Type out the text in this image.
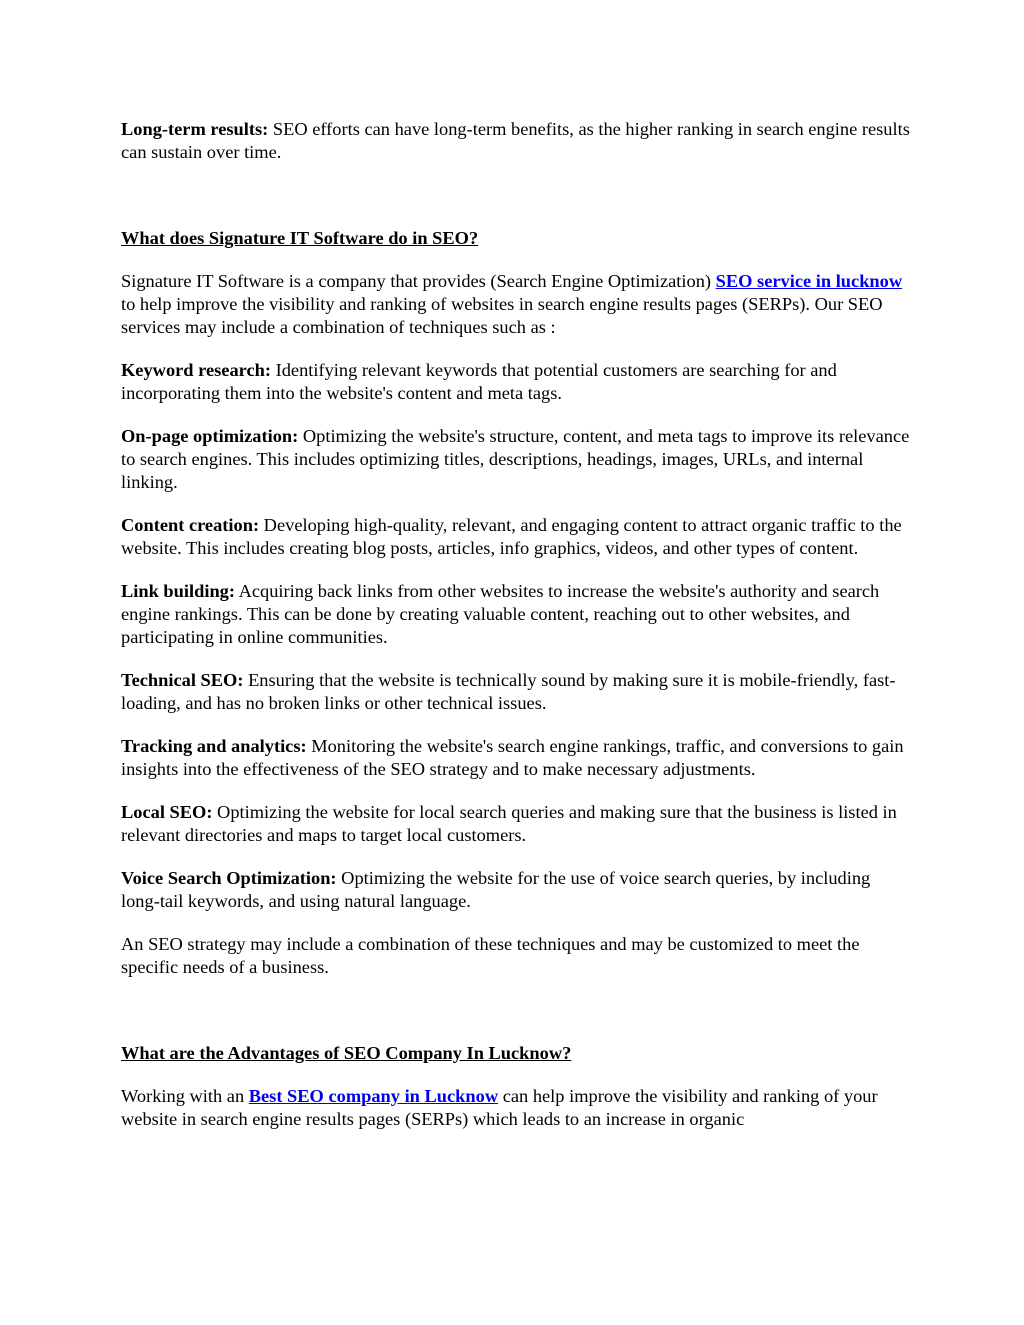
Long-term results: SEO efforts can have long-term benefits, as the higher ranking in search engine results can sustain over time.

What does Signature IT Software do in SEO?

Signature IT Software is a company that provides (Search Engine Optimization) SEO service in lucknow to help improve the visibility and ranking of websites in search engine results pages (SERPs). Our SEO services may include a combination of techniques such as :

Keyword research: Identifying relevant keywords that potential customers are searching for and incorporating them into the website's content and meta tags.

On-page optimization: Optimizing the website's structure, content, and meta tags to improve its relevance to search engines. This includes optimizing titles, descriptions, headings, images, URLs, and internal linking.

Content creation: Developing high-quality, relevant, and engaging content to attract organic traffic to the website. This includes creating blog posts, articles, info graphics, videos, and other types of content.

Link building: Acquiring back links from other websites to increase the website's authority and search engine rankings. This can be done by creating valuable content, reaching out to other websites, and participating in online communities.

Technical SEO: Ensuring that the website is technically sound by making sure it is mobile-friendly, fast-loading, and has no broken links or other technical issues.

Tracking and analytics: Monitoring the website's search engine rankings, traffic, and conversions to gain insights into the effectiveness of the SEO strategy and to make necessary adjustments.

Local SEO: Optimizing the website for local search queries and making sure that the business is listed in relevant directories and maps to target local customers.

Voice Search Optimization: Optimizing the website for the use of voice search queries, by including long-tail keywords, and using natural language.

An SEO strategy may include a combination of these techniques and may be customized to meet the specific needs of a business.

What are the Advantages of SEO Company In Lucknow?

Working with an Best SEO company in Lucknow can help improve the visibility and ranking of your website in search engine results pages (SERPs) which leads to an increase in organic
